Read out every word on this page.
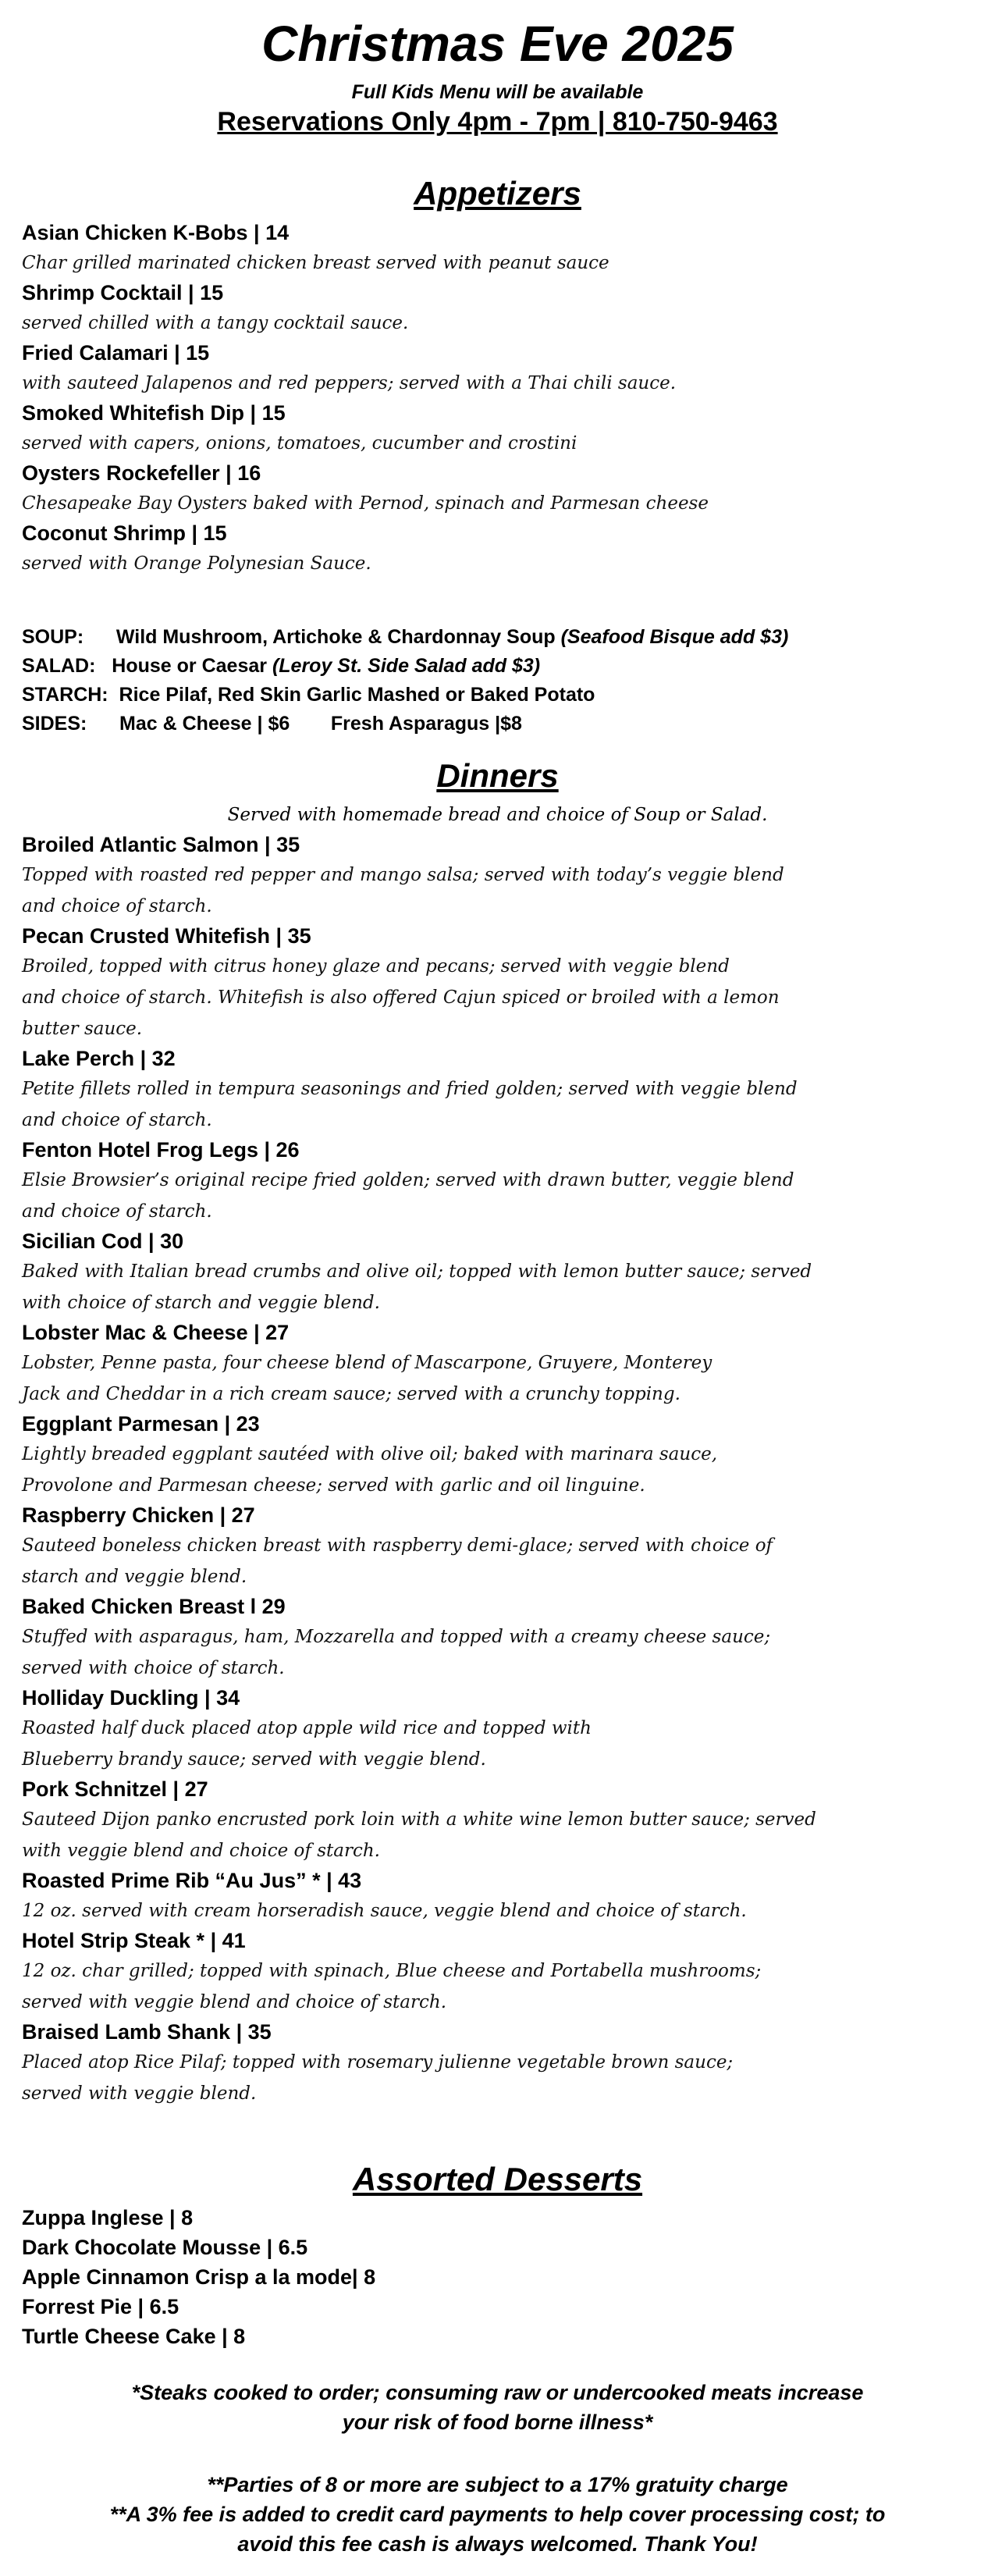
Christmas Eve 2025
Full Kids Menu will be available
Reservations Only 4pm - 7pm | 810-750-9463
Appetizers
Asian Chicken K-Bobs | 14
Char grilled marinated chicken breast served with peanut sauce
Shrimp Cocktail | 15
served chilled with a tangy cocktail sauce.
Fried Calamari | 15
with sauteed Jalapenos and red peppers; served with a Thai chili sauce.
Smoked Whitefish Dip | 15
served with capers, onions, tomatoes, cucumber and crostini
Oysters Rockefeller | 16
Chesapeake Bay Oysters baked with Pernod, spinach and Parmesan cheese
Coconut Shrimp | 15
served with Orange Polynesian Sauce.
SOUP: Wild Mushroom, Artichoke & Chardonnay Soup (Seafood Bisque add $3)
SALAD: House or Caesar (Leroy St. Side Salad add $3)
STARCH: Rice Pilaf, Red Skin Garlic Mashed or Baked Potato
SIDES: Mac & Cheese | $6 Fresh Asparagus |$8
Dinners
Served with homemade bread and choice of Soup or Salad.
Broiled Atlantic Salmon | 35
Topped with roasted red pepper and mango salsa; served with today’s veggie blend
and choice of starch.
Pecan Crusted Whitefish | 35
Broiled, topped with citrus honey glaze and pecans; served with veggie blend
and choice of starch. Whitefish is also offered Cajun spiced or broiled with a lemon
butter sauce.
Lake Perch | 32
Petite fillets rolled in tempura seasonings and fried golden; served with veggie blend
and choice of starch.
Fenton Hotel Frog Legs | 26
Elsie Browsier’s original recipe fried golden; served with drawn butter, veggie blend
and choice of starch.
Sicilian Cod | 30
Baked with Italian bread crumbs and olive oil; topped with lemon butter sauce; served
with choice of starch and veggie blend.
Lobster Mac & Cheese | 27
Lobster, Penne pasta, four cheese blend of Mascarpone, Gruyere, Monterey
Jack and Cheddar in a rich cream sauce; served with a crunchy topping.
Eggplant Parmesan | 23
Lightly breaded eggplant sautéed with olive oil; baked with marinara sauce,
Provolone and Parmesan cheese; served with garlic and oil linguine.
Raspberry Chicken | 27
Sauteed boneless chicken breast with raspberry demi-glace; served with choice of
starch and veggie blend.
Baked Chicken Breast l 29
Stuffed with asparagus, ham, Mozzarella and topped with a creamy cheese sauce;
served with choice of starch.
Holliday Duckling | 34
Roasted half duck placed atop apple wild rice and topped with
Blueberry brandy sauce; served with veggie blend.
Pork Schnitzel | 27
Sauteed Dijon panko encrusted pork loin with a white wine lemon butter sauce; served
with veggie blend and choice of starch.
Roasted Prime Rib “Au Jus” * | 43
12 oz. served with cream horseradish sauce, veggie blend and choice of starch.
Hotel Strip Steak * | 41
12 oz. char grilled; topped with spinach, Blue cheese and Portabella mushrooms;
served with veggie blend and choice of starch.
Braised Lamb Shank | 35
Placed atop Rice Pilaf; topped with rosemary julienne vegetable brown sauce;
served with veggie blend.
Assorted Desserts
Zuppa Inglese | 8
Dark Chocolate Mousse | 6.5
Apple Cinnamon Crisp a la mode| 8
Forrest Pie | 6.5
Turtle Cheese Cake | 8
*Steaks cooked to order; consuming raw or undercooked meats increase
your risk of food borne illness*
**Parties of 8 or more are subject to a 17% gratuity charge
**A 3% fee is added to credit card payments to help cover processing cost; to
avoid this fee cash is always welcomed. Thank You!
